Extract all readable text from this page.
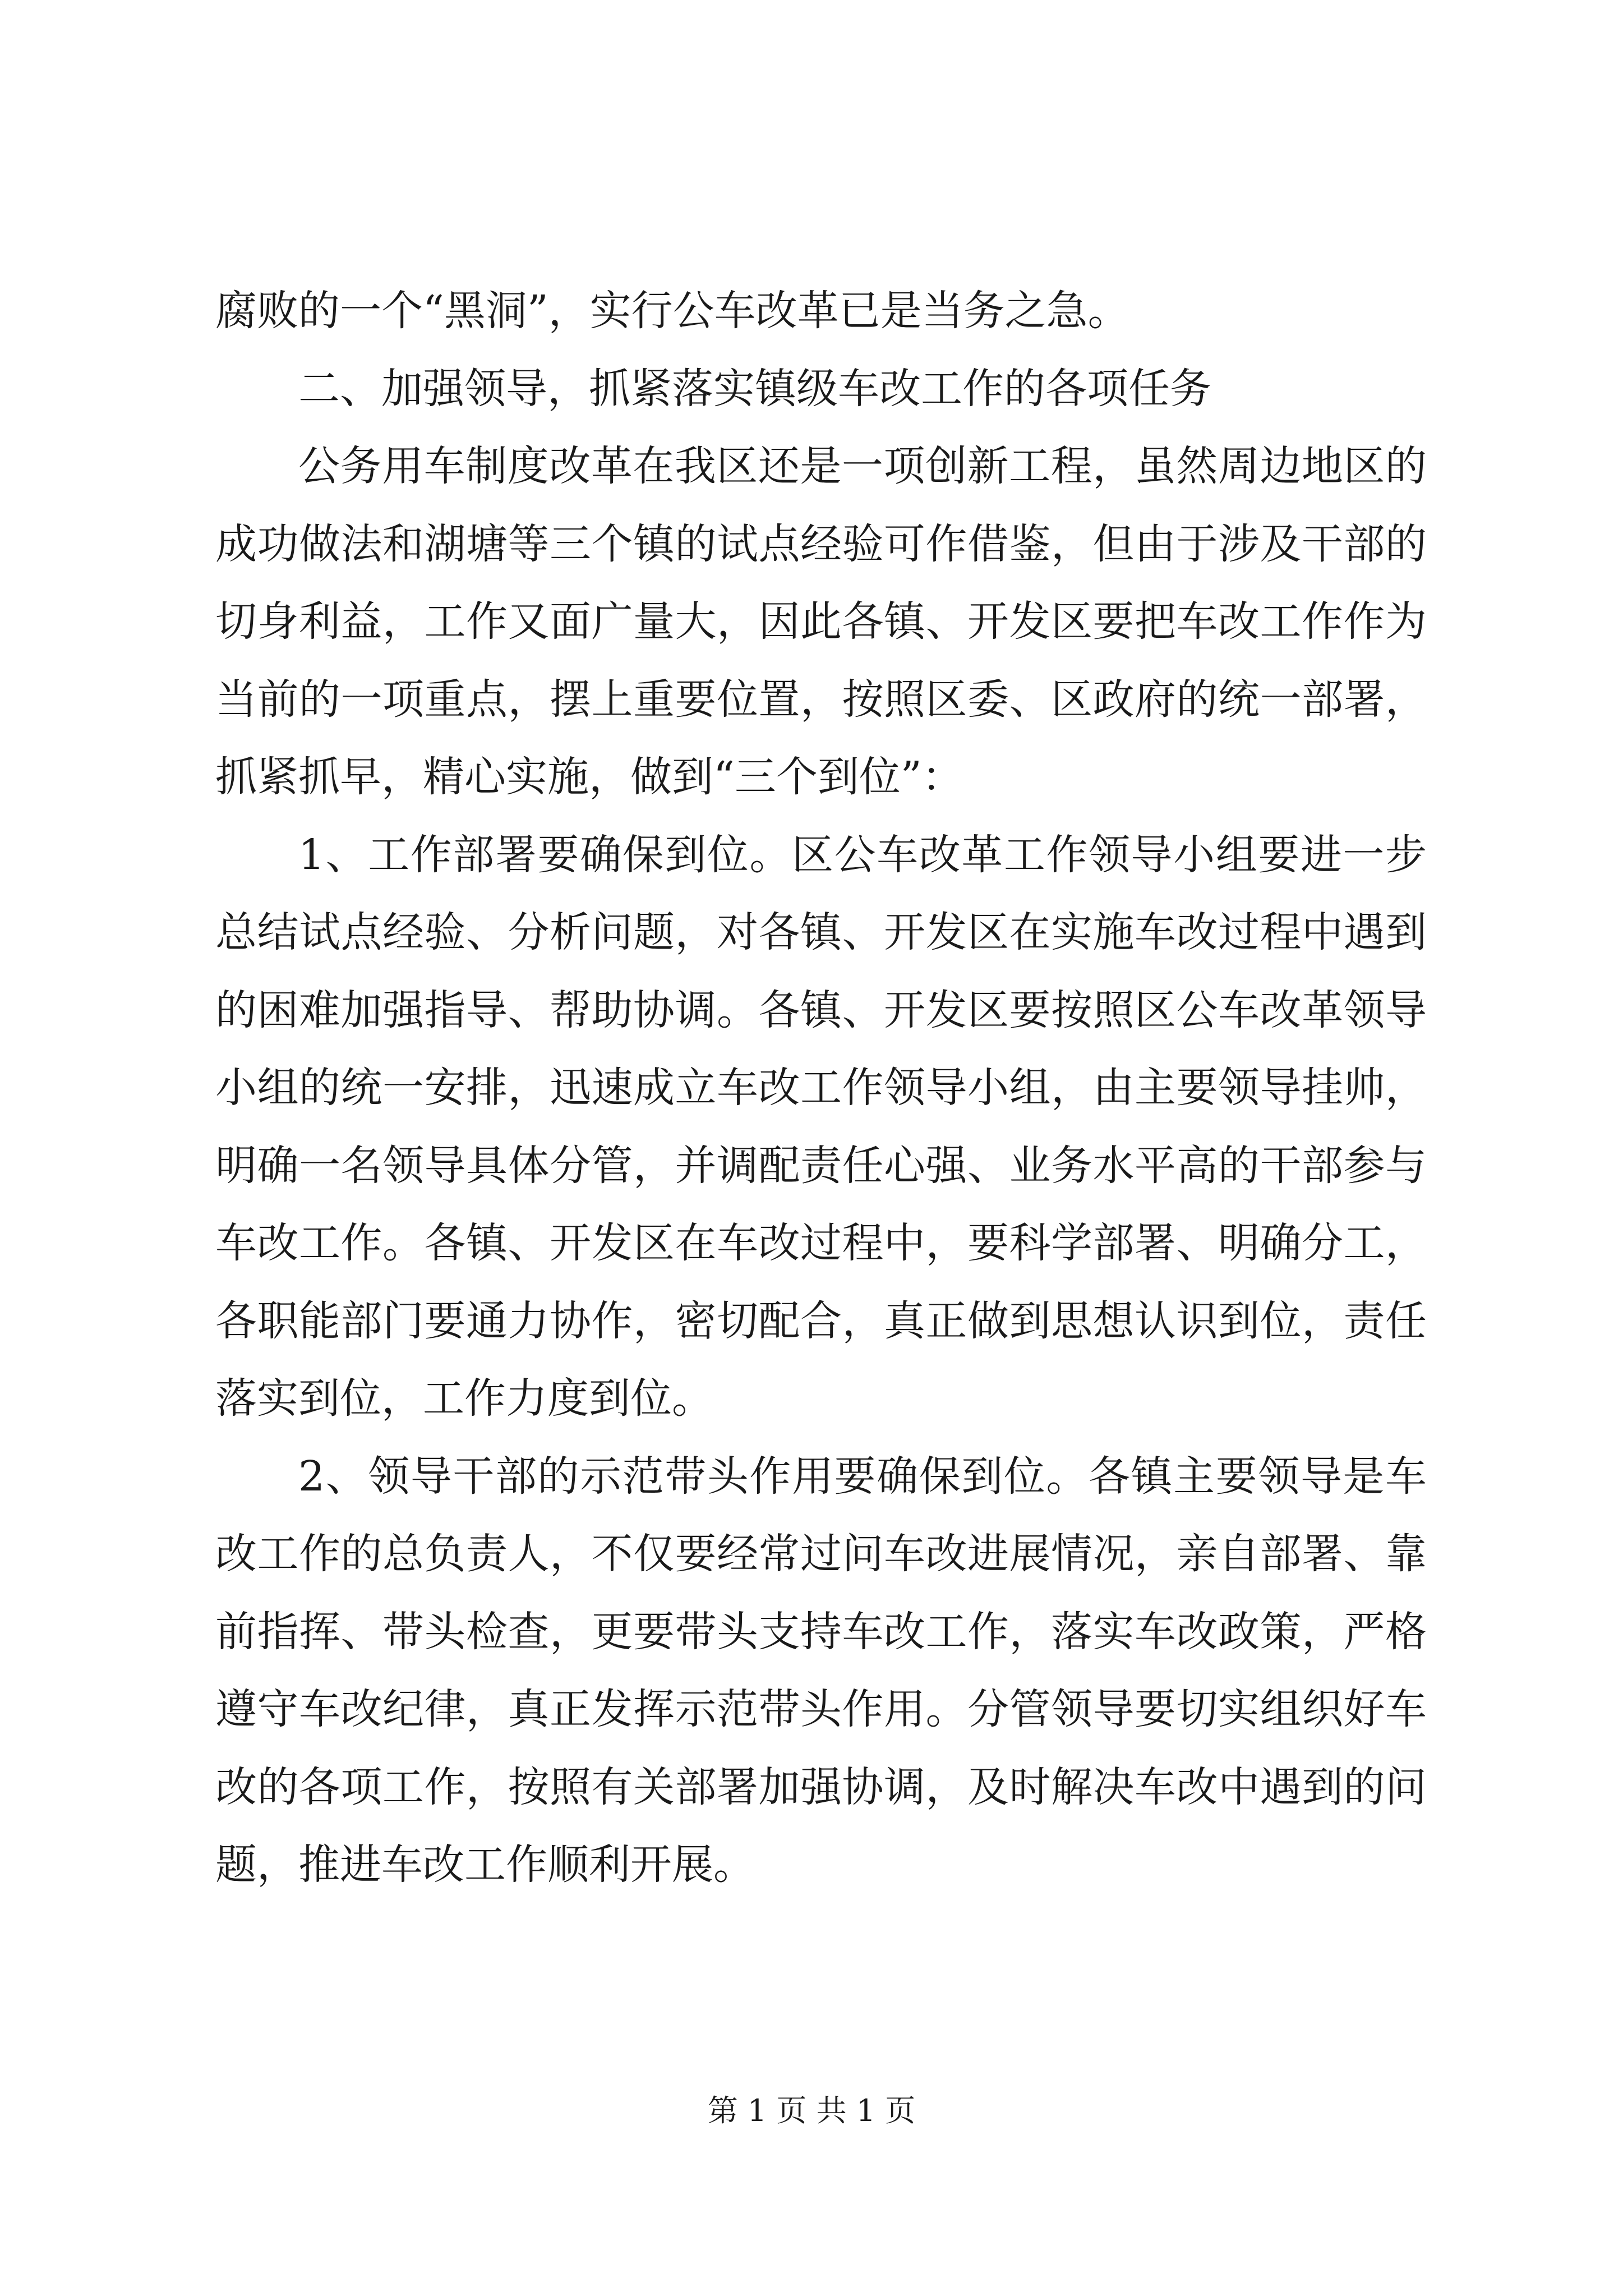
腐败的一个“黑洞”，实行公车改革已是当务之急。

二、加强领导，抓紧落实镇级车改工作的各项任务

公务用车制度改革在我区还是一项创新工程，虽然周边地区的成功做法和湖塘等三个镇的试点经验可作借鉴，但由于涉及干部的切身利益，工作又面广量大，因此各镇、开发区要把车改工作作为当前的一项重点，摆上重要位置，按照区委、区政府的统一部署，抓紧抓早，精心实施，做到“三个到位”：

1、工作部署要确保到位。区公车改革工作领导小组要进一步总结试点经验、分析问题，对各镇、开发区在实施车改过程中遇到的困难加强指导、帮助协调。各镇、开发区要按照区公车改革领导小组的统一安排，迅速成立车改工作领导小组，由主要领导挂帅，明确一名领导具体分管，并调配责任心强、业务水平高的干部参与车改工作。各镇、开发区在车改过程中，要科学部署、明确分工，各职能部门要通力协作，密切配合，真正做到思想认识到位，责任落实到位，工作力度到位。

2、领导干部的示范带头作用要确保到位。各镇主要领导是车改工作的总负责人，不仅要经常过问车改进展情况，亲自部署、靠前指挥、带头检查，更要带头支持车改工作，落实车改政策，严格遵守车改纪律，真正发挥示范带头作用。分管领导要切实组织好车改的各项工作，按照有关部署加强协调，及时解决车改中遇到的问题，推进车改工作顺利开展。

第 1 页 共 1 页
